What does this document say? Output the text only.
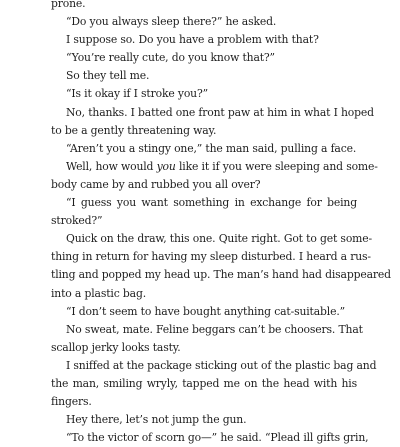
prone.
“Do you always sleep there?” he asked.
I suppose so. Do you have a problem with that?
“You’re really cute, do you know that?”
So they tell me.
“Is it okay if I stroke you?”
No, thanks. I batted one front paw at him in what I hoped
to be a gently threatening way.
“Aren’t you a stingy one,” the man said, pulling a face.
Well, how would you like it if you were sleeping and some-
body came by and rubbed you all over?
“I guess you want something in exchange for being
stroked?”
Quick on the draw, this one. Quite right. Got to get some-
thing in return for having my sleep disturbed. I heard a rus-
tling and popped my head up. The man’s hand had disappeared
into a plastic bag.
“I don’t seem to have bought anything cat-suitable.”
No sweat, mate. Feline beggars can’t be choosers. That
scallop jerky looks tasty.
I sniffed at the package sticking out of the plastic bag and
the man, smiling wryly, tapped me on the head with his
fingers.
Hey there, let’s not jump the gun.
“To the victor of scorn go—” he said. “Plead ill gifts grin,
